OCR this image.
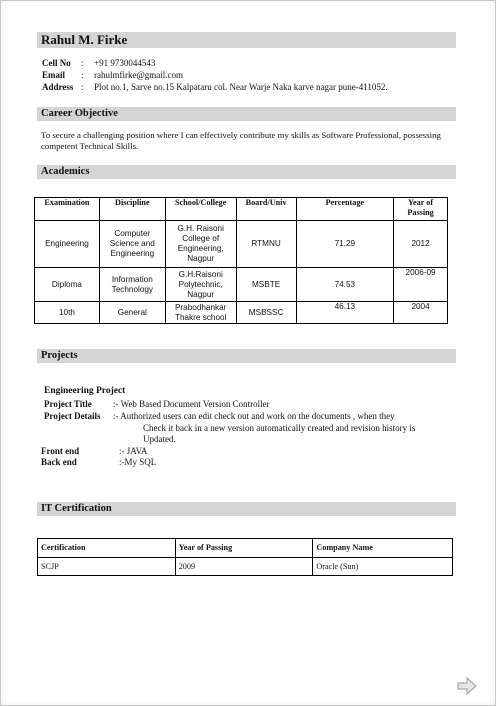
Rahul M. Firke
Cell No : +91 9730044543
Email : rahulmfirke@gmail.com
Address : Plot no.1, Sarve no.15 Kalpataru col. Near Warje Naka karve nagar pune-411052.
Career Objective
To secure a challenging position where I can effectively contribute my skills as Software Professional, possessing competent Technical Skills.
Academics
Examination	Discipline	School/College	Board/Univ	Percentage	Year of Passing
Engineering	Computer Science and Engineering	G.H. Raisoni College of Engineering, Nagpur	RTMNU	71.29	2012
Diploma	Information Technology	G.H.Raisoni Polytechnic, Nagpur	MSBTE	74.53	2006-09
10th	General	Prabodhankar Thakre school	MSBSSC	46.13	2004
Projects
Engineering Project
Project Title :- Web Based Document Version Controller
Project Details :- Authorized users can edit check out and work on the documents , when they
Check it back in a new version automatically created and revision history is
Updated.
Front end	:- JAVA
Back end	:-My SQL
IT Certification
Certification	Year of Passing	Company Name
SCJP	2009	Oracle (Sun)
